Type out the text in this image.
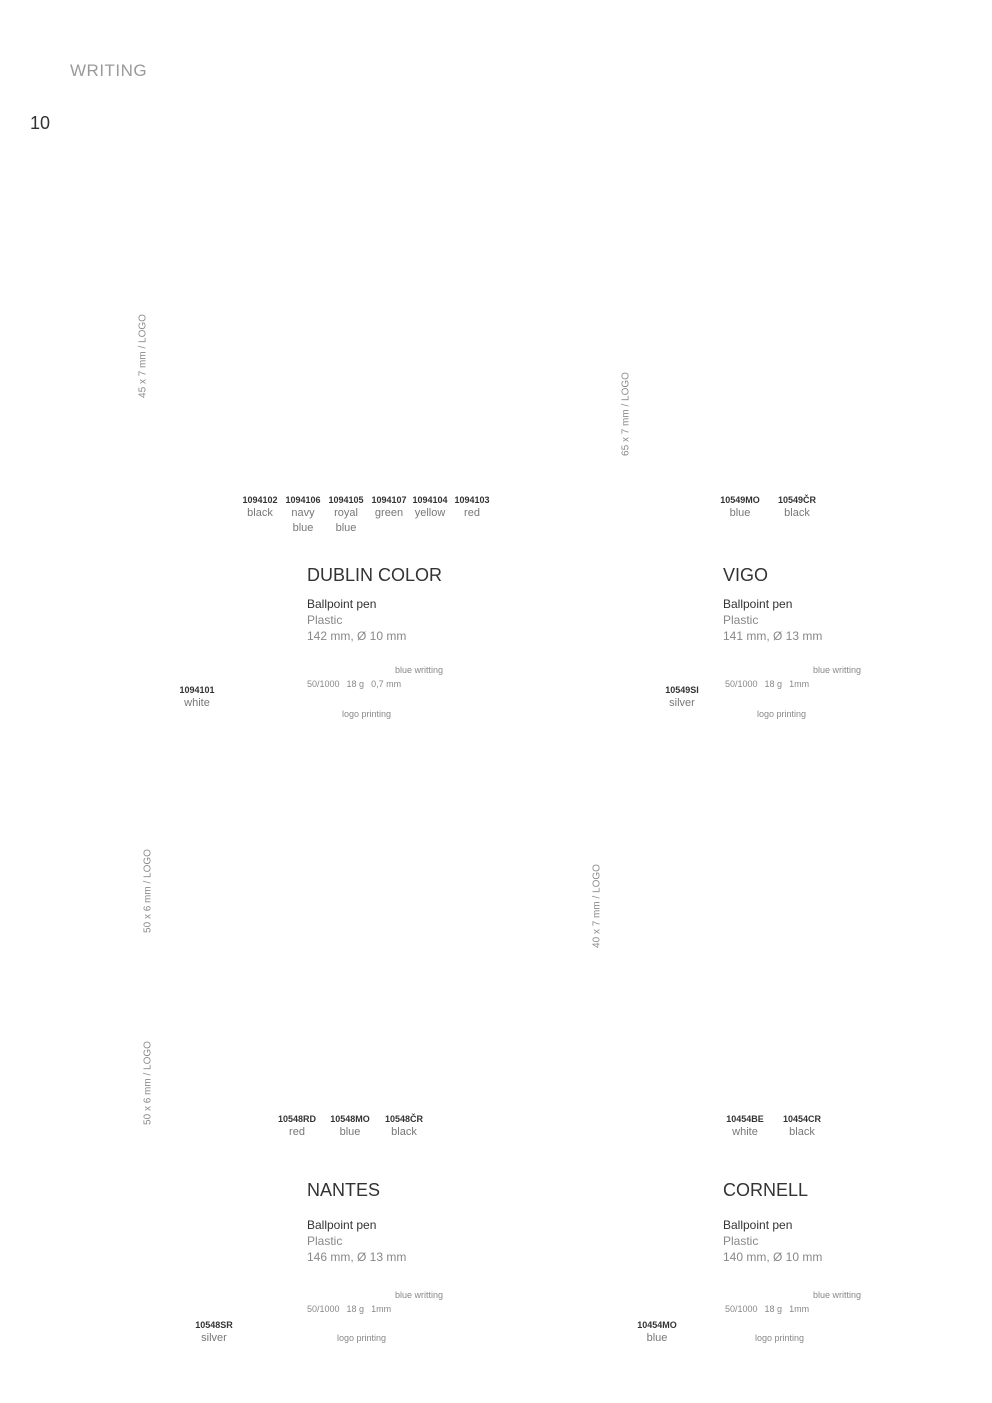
WRITING
10
45 x 7 mm / LOGO
1094102
black
1094106
navy blue
1094105
royal blue
1094107
green
1094104
yellow
1094103
red
DUBLIN COLOR
Ballpoint pen
Plastic
142 mm, Ø 10 mm
blue writting
50/1000 18 g 0,7 mm
logo printing
1094101
white
65 x 7 mm / LOGO
10549MO
blue
10549ČR
black
VIGO
Ballpoint pen
Plastic
141 mm, Ø 13 mm
blue writting
50/1000 18 g 1mm
logo printing
10549SI
silver
50 x 6 mm / LOGO
50 x 6 mm / LOGO	10548RD
red
10548MO
blue
10548ČR
black
NANTES
Ballpoint pen
Plastic
146 mm, Ø 13 mm
blue writting
50/1000 18 g 1mm
logo printing
10548SR
silver
40 x 7 mm / LOGO
10454BE
white
10454CR
black
CORNELL
Ballpoint pen
Plastic
140 mm, Ø 10 mm
blue writting
50/1000 18 g 1mm
logo printing
10454MO
blue
